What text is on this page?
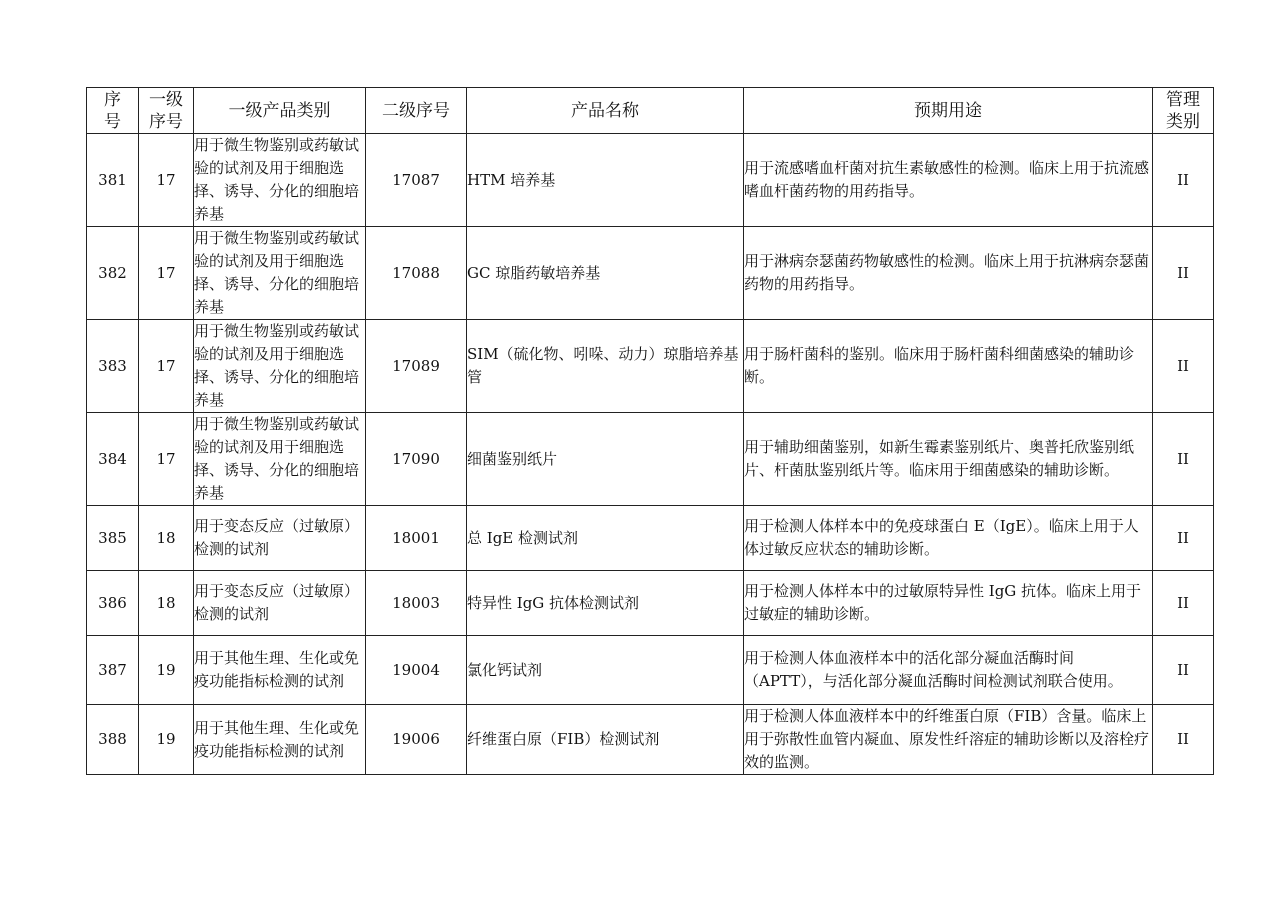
序号	一级序号	一级产品类别	二级序号	产品名称	预期用途	管理类别
381	17	用于微生物鉴别或药敏试验的试剂及用于细胞选择、诱导、分化的细胞培养基	17087	HTM 培养基	用于流感嗜血杆菌对抗生素敏感性的检测。临床上用于抗流感嗜血杆菌药物的用药指导。	II
382	17	用于微生物鉴别或药敏试验的试剂及用于细胞选择、诱导、分化的细胞培养基	17088	GC 琼脂药敏培养基	用于淋病奈瑟菌药物敏感性的检测。临床上用于抗淋病奈瑟菌药物的用药指导。	II
383	17	用于微生物鉴别或药敏试验的试剂及用于细胞选择、诱导、分化的细胞培养基	17089	SIM（硫化物、吲哚、动力）琼脂培养基管	用于肠杆菌科的鉴别。临床用于肠杆菌科细菌感染的辅助诊断。	II
384	17	用于微生物鉴别或药敏试验的试剂及用于细胞选择、诱导、分化的细胞培养基	17090	细菌鉴别纸片	用于辅助细菌鉴别，如新生霉素鉴别纸片、奥普托欣鉴别纸片、杆菌肽鉴别纸片等。临床用于细菌感染的辅助诊断。	II
385	18	用于变态反应（过敏原）检测的试剂	18001	总 IgE 检测试剂	用于检测人体样本中的免疫球蛋白 E（IgE）。临床上用于人体过敏反应状态的辅助诊断。	II
386	18	用于变态反应（过敏原）检测的试剂	18003	特异性 IgG 抗体检测试剂	用于检测人体样本中的过敏原特异性 IgG 抗体。临床上用于过敏症的辅助诊断。	II
387	19	用于其他生理、生化或免疫功能指标检测的试剂	19004	氯化钙试剂	用于检测人体血液样本中的活化部分凝血活酶时间（APTT），与活化部分凝血活酶时间检测试剂联合使用。	II
388	19	用于其他生理、生化或免疫功能指标检测的试剂	19006	纤维蛋白原（FIB）检测试剂	用于检测人体血液样本中的纤维蛋白原（FIB）含量。临床上用于弥散性血管内凝血、原发性纤溶症的辅助诊断以及溶栓疗效的监测。	II
